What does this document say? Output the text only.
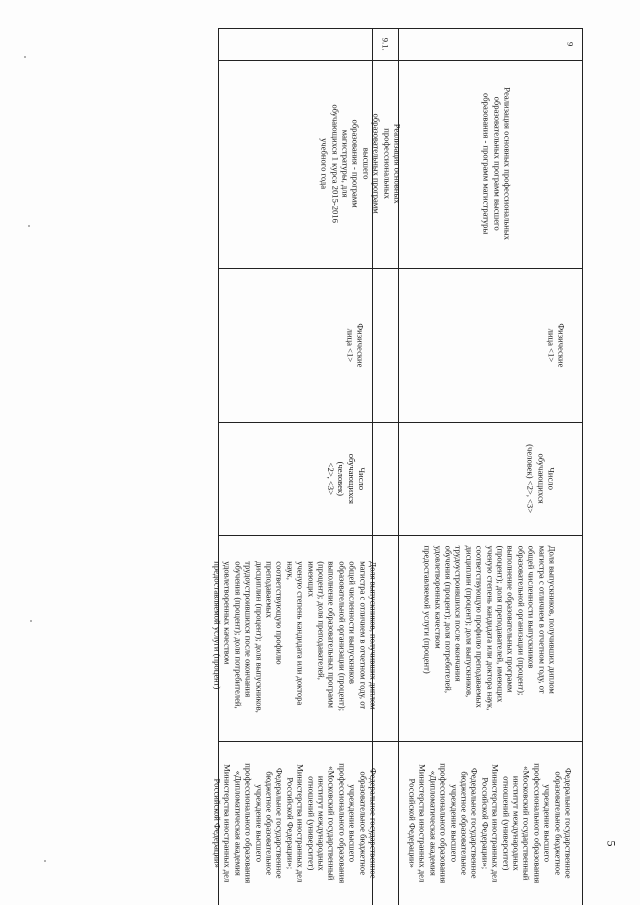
9
Реализация основных профессиональных
образовательных программ высшего
образования - программ магистратуры
Физические лица <1>
Число
обучающихся
(человек) <2>, <3>
Доля выпускников, получивших диплом
магистра с отличием в отчетном году, от
общей численности выпускников
образовательной организации (процент);
выполнение образовательных программ
(процент); доля преподавателей, имеющих
ученую степень кандидата или доктора наук,
соответствующую профилю преподаваемых
дисциплин (процент); доля выпускников,
трудоустроившихся после окончания
обучения (процент); доля потребителей,
удовлетворенных качеством
предоставляемой услуги (процент)
Федеральное государственное
образовательное бюджетное
учреждение высшего
профессионального образования
«Московский государственный
институт международных
отношений (университет)
Министерства иностранных дел
Российской Федерации»;
Федеральное государственное
бюджетное образовательное
учреждение высшего
профессионального образования
«Дипломатическая академия
Министерства иностранных дел
Российской Федерации»
9.1.
Реализация основных профессиональных
образовательных программ высшего
образования - программ магистратуры, для
обучающихся 1 курса 2015-2016
учебного года
Физические лица <1>
Число
обучающихся
(человек) <2>, <3>
Доля выпускников, получивших диплом
магистра с отличием в отчетном году, от
общей численности выпускников
образовательной организации (процент);
выполнение образовательных программ
(процент); доля преподавателей, имеющих
ученую степень кандидата или доктора наук,
соответствующую профилю преподаваемых
дисциплин (процент); доля выпускников,
трудоустроившихся после окончания
обучения (процент); доля потребителей,
удовлетворенных качеством
предоставляемой услуги (процент)
Федеральное государственное
образовательное бюджетное
учреждение высшего
профессионального образования
«Московский государственный
институт международных
отношений (университет)
Министерства иностранных дел
Российской Федерации»;
Федеральное государственное
бюджетное образовательное
учреждение высшего
профессионального образования
«Дипломатическая академия
Министерства иностранных дел
Российской Федерации»	5
